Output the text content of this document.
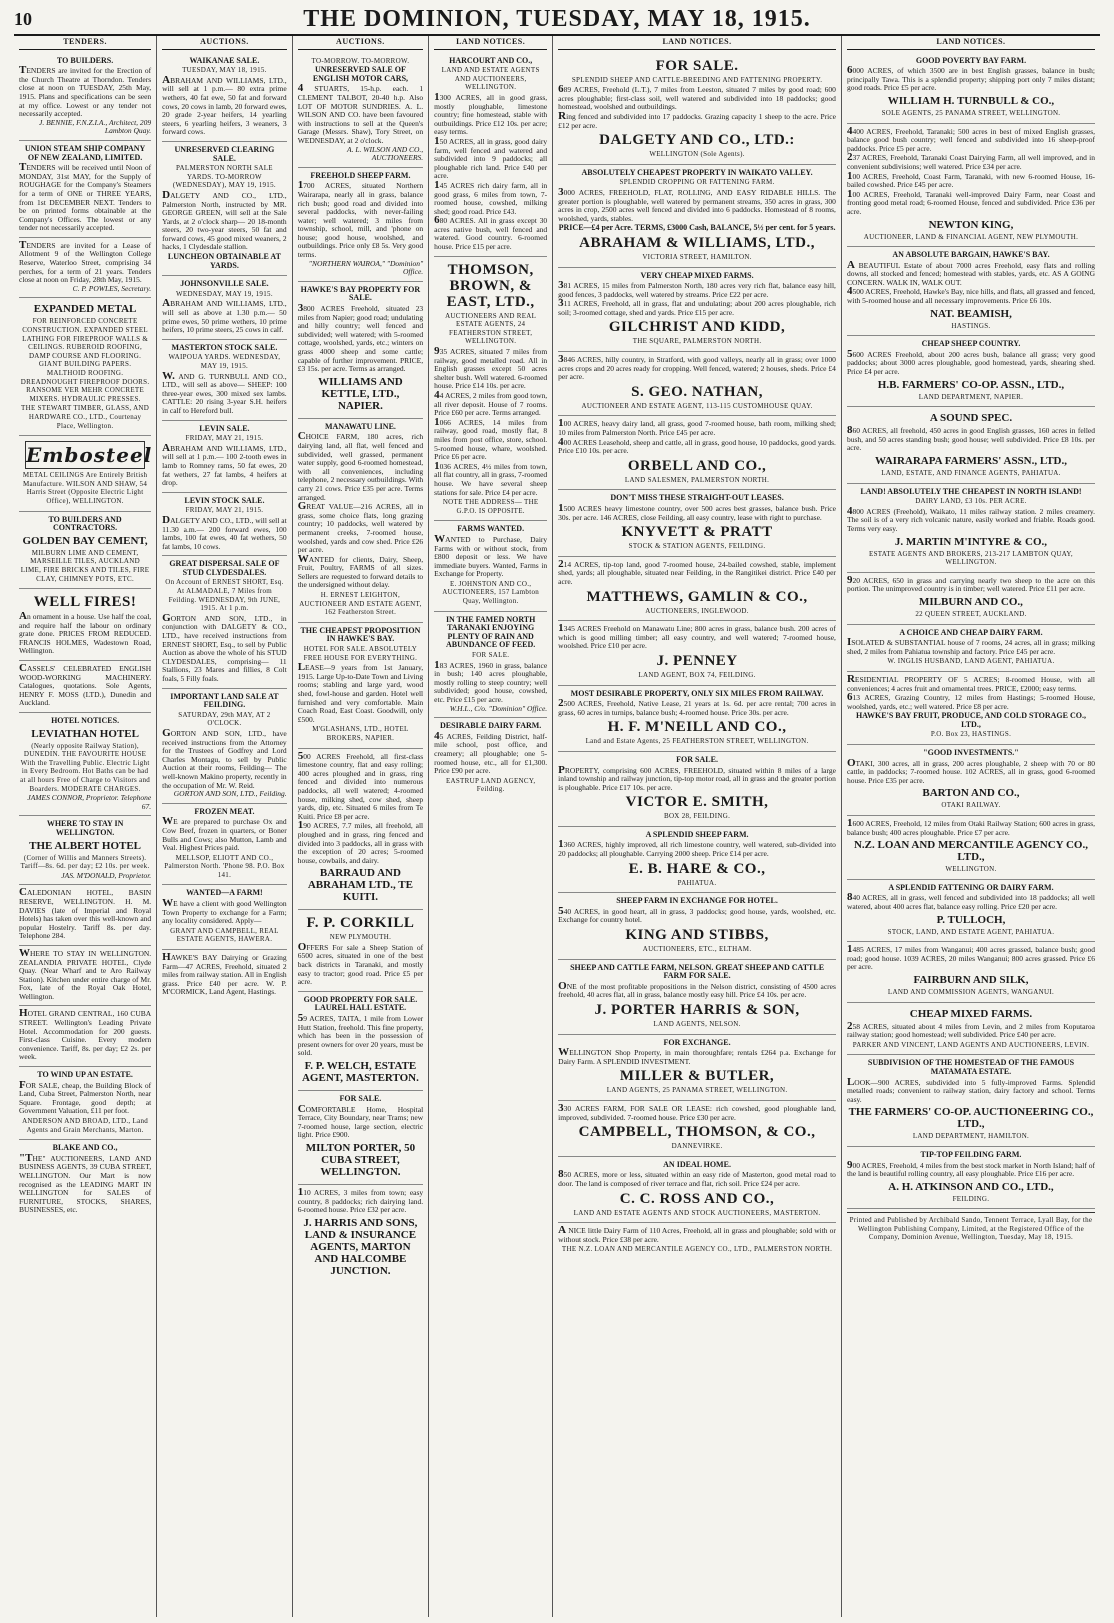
10	THE DOMINION, TUESDAY, MAY 18, 1915.
TENDERS.
TO BUILDERS.
TENDERS are invited for the Erection of the Church Theatre at Thorndon. Tenders close at noon on TUESDAY, 25th May, 1915. Plans and specifications can be seen at my office. Lowest or any tender not necessarily accepted.
J. BENNIE, F.N.Z.I.A., Architect, 209 Lambton Quay.
UNION STEAM SHIP COMPANY OF NEW ZEALAND, LIMITED.
TENDERS will be received until Noon of MONDAY, 31st MAY, for the Supply of ROUGHAGE for the Company's Steamers for a term of ONE or THREE YEARS, from 1st DECEMBER NEXT. Tenders to be on printed forms obtainable at the Company's Offices. The lowest or any tender not necessarily accepted.
TENDERS are invited for a Lease of Allotment 9 of the Wellington College Reserve, Waterloo Street, comprising 34 perches, for a term of 21 years. Tenders close at noon on Friday, 28th May, 1915.
C. P. POWLES, Secretary.
EXPANDED METAL
FOR REINFORCED CONCRETE CONSTRUCTION. EXPANDED STEEL LATHING FOR FIREPROOF WALLS & CEILINGS. RUBEROID ROOFING, DAMP COURSE AND FLOORING. GIANT BUILDING PAPERS. MALTHOID ROOFING. DREADNOUGHT FIREPROOF DOORS. RANSOME VER MEHR CONCRETE MIXERS. HYDRAULIC PRESSES.
THE STEWART TIMBER, GLASS, AND HARDWARE CO., LTD., Courtenay Place, Wellington.
Embosteel
METAL CEILINGS Are Entirely British Manufacture. WILSON AND SHAW, 54 Harris Street (Opposite Electric Light Office), WELLINGTON.
TO BUILDERS AND CONTRACTORS.
GOLDEN BAY CEMENT,
MILBURN LIME AND CEMENT, MARSEILLE TILES, AUCKLAND LIME, FIRE BRICKS AND TILES, FIRE CLAY, CHIMNEY POTS, ETC.
WELL FIRES!
An ornament in a house. Use half the coal, and require half the labour on ordinary grate done. PRICES FROM REDUCED. FRANCIS HOLMES, Wadestown Road, Wellington.
CASSELS' CELEBRATED ENGLISH WOOD-WORKING MACHINERY. Catalogues, quotations. Sole Agents, HENRY F. MOSS (LTD.), Dunedin and Auckland.
HOTEL NOTICES.
LEVIATHAN HOTEL
(Nearly opposite Railway Station), DUNEDIN. THE FAVOURITE HOUSE With the Travelling Public. Electric Light in Every Bedroom. Hot Baths can be had at all hours Free of Charge to Visitors and Boarders. MODERATE CHARGES.
JAMES CONNOR, Proprietor. Telephone 67.
WHERE TO STAY IN WELLINGTON.
THE ALBERT HOTEL
(Corner of Willis and Manners Streets). Tariff—8s. 6d. per day; £2 10s. per week.
JAS. M'DONALD, Proprietor.
CALEDONIAN HOTEL, BASIN RESERVE, WELLINGTON. H. M. DAVIES (late of Imperial and Royal Hotels) has taken over this well-known and popular Hostelry. Tariff 8s. per day. Telephone 284.
WHERE TO STAY IN WELLINGTON. ZEALANDIA PRIVATE HOTEL, Clyde Quay. (Near Wharf and te Aro Railway Station). Kitchen under entire charge of Mr. Fox, late of the Royal Oak Hotel, Wellington.
HOTEL GRAND CENTRAL, 160 CUBA STREET. Wellington's Leading Private Hotel. Accommodation for 200 guests. First-class Cuisine. Every modern convenience. Tariff, 8s. per day; £2 2s. per week.
TO WIND UP AN ESTATE.
FOR SALE, cheap, the Building Block of Land, Cuba Street, Palmerston North, near Square. Frontage, good depth; at Government Valuation, £11 per foot.
ANDERSON AND BROAD, LTD., Land Agents and Grain Merchants, Marton.
BLAKE AND CO.,
"THE" AUCTIONEERS, LAND AND BUSINESS AGENTS, 39 CUBA STREET, WELLINGTON. Our Mart is now recognised as the LEADING MART IN WELLINGTON for SALES of FURNITURE, STOCKS, SHARES, BUSINESSES, etc.
AUCTIONS.
WAIKANAE SALE.
TUESDAY, MAY 18, 1915.
ABRAHAM AND WILLIAMS, LTD., will sell at 1 p.m.— 80 extra prime wethers, 40 fat ewe, 50 fat and forward cows, 20 cows in lamb, 20 forward ewes, 20 grade 2-year heifers, 14 yearling steers, 6 yearling heifers, 3 weaners, 3 forward cows.
UNRESERVED CLEARING SALE.
PALMERSTON NORTH SALE YARDS. TO-MORROW (WEDNESDAY), MAY 19, 1915.
DALGETY AND CO., LTD., Palmerston North, instructed by MR. GEORGE GREEN, will sell at the Sale Yards, at 2 o'clock sharp— 20 18-month steers, 20 two-year steers, 50 fat and forward cows, 45 good mixed weaners, 2 hacks, 1 Clydesdale stallion.
LUNCHEON OBTAINABLE AT YARDS.
JOHNSONVILLE SALE.
WEDNESDAY, MAY 19, 1915.
ABRAHAM AND WILLIAMS, LTD., will sell as above at 1.30 p.m.— 50 prime ewes, 50 prime wethers, 10 prime heifers, 10 prime steers, 25 cows in calf.
MASTERTON STOCK SALE.
WAIPOUA YARDS. WEDNESDAY, MAY 19, 1915.
W. AND G. TURNBULL AND CO., LTD., will sell as above— SHEEP: 100 three-year ewes, 300 mixed sex lambs. CATTLE: 20 rising 3-year S.H. heifers in calf to Hereford bull.
LEVIN SALE.
FRIDAY, MAY 21, 1915.
ABRAHAM AND WILLIAMS, LTD., will sell at 1 p.m.— 100 2-tooth ewes in lamb to Romney rams, 50 fat ewes, 20 fat wethers, 27 fat lambs, 4 heifers at drop.
LEVIN STOCK SALE.
FRIDAY, MAY 21, 1915.
DALGETY AND CO., LTD., will sell at 11.30 a.m.— 200 forward ewes, 100 lambs, 100 fat ewes, 40 fat wethers, 50 fat lambs, 10 cows.
GREAT DISPERSAL SALE OF STUD CLYDESDALES.
On Account of ERNEST SHORT, Esq. At ALMADALE, 7 Miles from Feilding. WEDNESDAY, 9th JUNE, 1915. At 1 p.m.
GORTON AND SON, LTD., in conjunction with DALGETY & CO., LTD., have received instructions from ERNEST SHORT, Esq., to sell by Public Auction as above the whole of his STUD CLYDESDALES, comprising— 11 Stallions, 23 Mares and fillies, 8 Colt foals, 5 Filly foals.
IMPORTANT LAND SALE AT FEILDING.
SATURDAY, 29th MAY, AT 2 O'CLOCK.
GORTON AND SON, LTD., have received instructions from the Attorney for the Trustees of Godfrey and Lord Charles Montagu, to sell by Public Auction at their rooms, Feilding— The well-known Makino property, recently in the occupation of Mr. W. Reid.
GORTON AND SON, LTD., Feilding.
FROZEN MEAT.
WE are prepared to purchase Ox and Cow Beef, frozen in quarters, or Boner Bulls and Cows; also Mutton, Lamb and Veal. Highest Prices paid.
MELLSOP, ELIOTT AND CO., Palmerston North. 'Phone 98. P.O. Box 141.
WANTED—A FARM!
WE have a client with good Wellington Town Property to exchange for a Farm; any locality considered. Apply—
GRANT AND CAMPBELL, REAL ESTATE AGENTS, HAWERA.
HAWKE'S BAY Dairying or Grazing Farm—47 ACRES, Freehold, situated 2 miles from railway station. All in English grass. Price £40 per acre. W. P. M'CORMICK, Land Agent, Hastings.
AUCTIONS.
TO-MORROW. TO-MORROW.
UNRESERVED SALE OF ENGLISH MOTOR CARS,
4 STUARTS, 15-h.p. each. 1 CLEMENT TALBOT, 20-40 h.p. Also LOT OF MOTOR SUNDRIES. A. L. WILSON AND CO. have been favoured with instructions to sell at the Queen's Garage (Messrs. Shaw), Tory Street, on WEDNESDAY, at 2 o'clock.
A. L. WILSON AND CO., AUCTIONEERS.
FREEHOLD SHEEP FARM.
1700 ACRES, situated Northern Wairarapa, nearly all in grass, balance rich bush; good road and divided into several paddocks, with never-failing water; well watered; 3 miles from township, school, mill, and 'phone on house; good house, woolshed, and outbuildings. Price only £8 5s. Very good terms.
"NORTHERN WAIROA," "Dominion" Office.
HAWKE'S BAY PROPERTY FOR SALE.
3800 ACRES Freehold, situated 23 miles from Napier; good road; undulating and hilly country; well fenced and subdivided; well watered; with 5-roomed cottage, woolshed, yards, etc.; winters on grass 4000 sheep and some cattle; capable of further improvement. PRICE, £3 15s. per acre. Terms as arranged.
WILLIAMS AND KETTLE, LTD., NAPIER.
MANAWATU LINE.
CHOICE FARM, 180 acres, rich dairying land, all flat, well fenced and subdivided, well grassed, permanent water supply, good 6-roomed homestead, with all conveniences, including telephone, 2 necessary outbuildings. With carry 21 cows. Price £35 per acre. Terms arranged.
GREAT VALUE—216 ACRES, all in grass, some choice flats, long grazing country; 10 paddocks, well watered by permanent creeks, 7-roomed house, woolshed, yards and cow shed. Price £26 per acre.
WANTED for clients, Dairy, Sheep, Fruit, Poultry, FARMS of all sizes. Sellers are requested to forward details to the undersigned without delay.
H. ERNEST LEIGHTON, AUCTIONEER AND ESTATE AGENT, 162 Featherston Street.
THE CHEAPEST PROPOSITION IN HAWKE'S BAY.
HOTEL FOR SALE. ABSOLUTELY FREE HOUSE FOR EVERYTHING.
LEASE—9 years from 1st January, 1915. Large Up-to-Date Town and Living rooms; stabling and large yard, wood shed, fowl-house and garden. Hotel well furnished and very comfortable. Main Coach Road, East Coast. Goodwill, only £500.
M'GLASHANS, LTD., HOTEL BROKERS, NAPIER.
500 ACRES Freehold, all first-class limestone country, flat and easy rolling; 400 acres ploughed and in grass, ring fenced and divided into numerous paddocks, all well watered; 4-roomed house, milking shed, cow shed, sheep yards, dip, etc. Situated 6 miles from Te Kuiti. Price £8 per acre.
190 ACRES, 7.7 miles, all freehold, all ploughed and in grass, ring fenced and divided into 3 paddocks, all in grass with the exception of 20 acres; 5-roomed house, cowbails, and dairy.
BARRAUD AND ABRAHAM LTD., TE KUITI.
F. P. CORKILL
NEW PLYMOUTH.
OFFERS For sale a Sheep Station of 6500 acres, situated in one of the best back districts in Taranaki, and mostly easy to tractor; good road. Price £5 per acre.
GOOD PROPERTY FOR SALE. LAUREL HALL ESTATE.
59 ACRES, TAITA, 1 mile from Lower Hutt Station, freehold. This fine property, which has been in the possession of present owners for over 20 years, must be sold.
F. P. WELCH, ESTATE AGENT, MASTERTON.
FOR SALE.
COMFORTABLE Home, Hospital Terrace, City Boundary, near Trams; new 7-roomed house, large section, electric light. Price £900.
MILTON PORTER, 50 CUBA STREET, WELLINGTON.
110 ACRES, 3 miles from town; easy country, 8 paddocks; rich dairying land. 6-roomed house. Price £32 per acre.
J. HARRIS AND SONS, LAND & INSURANCE AGENTS, MARTON AND HALCOMBE JUNCTION.
LAND NOTICES.
HARCOURT AND CO.,
LAND AND ESTATE AGENTS AND AUCTIONEERS, WELLINGTON.
1300 ACRES, all in good grass, mostly ploughable, limestone country; fine homestead, stable with outbuildings. Price £12 10s. per acre; easy terms.
150 ACRES, all in grass, good dairy farm, well fenced and watered and subdivided into 9 paddocks; all ploughable rich land. Price £40 per acre.
145 ACRES rich dairy farm, all in good grass, 6 miles from town, 7-roomed house, cowshed, milking shed; good road. Price £43.
680 ACRES. All in grass except 30 acres native bush, well fenced and watered. Good country. 6-roomed house. Price £15 per acre.
THOMSON, BROWN, & EAST, LTD.,
AUCTIONEERS AND REAL ESTATE AGENTS, 24 FEATHERSTON STREET, WELLINGTON.
935 ACRES, situated 7 miles from railway, good metalled road. All in English grasses except 50 acres shelter bush. Well watered. 6-roomed house. Price £14 10s. per acre.
44 ACRES, 2 miles from good town, all river deposit. House of 7 rooms. Price £60 per acre. Terms arranged.
1066 ACRES, 14 miles from railway, good road, mostly flat, 8 miles from post office, store, school. 5-roomed house, whare, woolshed. Price £6 per acre.
1036 ACRES, 4½ miles from town, all flat country, all in grass, 7-roomed house. We have several sheep stations for sale. Price £4 per acre.
NOTE THE ADDRESS— THE G.P.O. IS OPPOSITE.
FARMS WANTED.
WANTED to Purchase, Dairy Farms with or without stock, from £800 deposit or less. We have immediate buyers. Wanted, Farms in Exchange for Property.
E. JOHNSTON AND CO., AUCTIONEERS, 157 Lambton Quay, Wellington.
IN THE FAMED NORTH TARANAKI ENJOYING PLENTY OF RAIN AND ABUNDANCE OF FEED.
FOR SALE.
183 ACRES, 1960 in grass, balance in bush; 140 acres ploughable, mostly rolling to steep country; well subdivided; good house, cowshed, etc. Price £15 per acre.
W.H.L., C/o. "Dominion" Office.
DESIRABLE DAIRY FARM.
45 ACRES, Feilding District, half-mile school, post office, and creamery; all ploughable; one 5-roomed house, etc., all for £1,300. Price £90 per acre.
EASTRUP LAND AGENCY, Feilding.
LAND NOTICES.
FOR SALE.
SPLENDID SHEEP AND CATTLE-BREEDING AND FATTENING PROPERTY.
689 ACRES, Freehold (L.T.), 7 miles from Leeston, situated 7 miles by good road; 600 acres ploughable; first-class soil, well watered and subdivided into 18 paddocks; good homestead, woolshed and outbuildings.
Ring fenced and subdivided into 17 paddocks. Grazing capacity 1 sheep to the acre. Price £12 per acre.
DALGETY AND CO., LTD.:
WELLINGTON (Sole Agents).
ABSOLUTELY CHEAPEST PROPERTY IN WAIKATO VALLEY.
SPLENDID CROPPING OR FATTENING FARM.
3000 ACRES, FREEHOLD, FLAT, ROLLING, AND EASY RIDABLE HILLS. The greater portion is ploughable, well watered by permanent streams, 350 acres in grass, 300 acres in crop, 2500 acres well fenced and divided into 6 paddocks. Homestead of 8 rooms, woolshed, yards, stables.
PRICE—£4 per Acre. TERMS, £3000 Cash, BALANCE, 5½ per cent. for 5 years.
ABRAHAM & WILLIAMS, LTD.,
VICTORIA STREET, HAMILTON.
VERY CHEAP MIXED FARMS.
381 ACRES, 15 miles from Palmerston North, 180 acres very rich flat, balance easy hill, good fences, 3 paddocks, well watered by streams. Price £22 per acre.
311 ACRES, Freehold, all in grass, flat and undulating; about 200 acres ploughable, rich soil; 3-roomed cottage, shed and yards. Price £15 per acre.
GILCHRIST AND KIDD,
THE SQUARE, PALMERSTON NORTH.
3846 ACRES, hilly country, in Stratford, with good valleys, nearly all in grass; over 1000 acres crops and 20 acres ready for cropping. Well fenced, watered; 2 houses, sheds. Price £4 per acre.
S. GEO. NATHAN,
AUCTIONEER AND ESTATE AGENT, 113-115 CUSTOMHOUSE QUAY.
100 ACRES, heavy dairy land, all grass, good 7-roomed house, bath room, milking shed; 10 miles from Palmerston North. Price £45 per acre.
400 ACRES Leasehold, sheep and cattle, all in grass, good house, 10 paddocks, good yards. Price £10 10s. per acre.
ORBELL AND CO.,
LAND SALESMEN, PALMERSTON NORTH.
DON'T MISS THESE STRAIGHT-OUT LEASES.
1500 ACRES heavy limestone country, over 500 acres best grasses, balance bush. Price 30s. per acre. 146 ACRES, close Feilding, all easy country, lease with right to purchase.
KNYVETT & PRATT
STOCK & STATION AGENTS, FEILDING.
214 ACRES, tip-top land, good 7-roomed house, 24-bailed cowshed, stable, implement shed, yards; all ploughable, situated near Feilding, in the Rangitikei district. Price £40 per acre.
MATTHEWS, GAMLIN & CO.,
AUCTIONEERS, INGLEWOOD.
1345 ACRES Freehold on Manawatu Line; 800 acres in grass, balance bush. 200 acres of which is good milling timber; all easy country, and well watered; 7-roomed house, woolshed. Price £10 per acre.
J. PENNEY
LAND AGENT, BOX 74, FEILDING.
MOST DESIRABLE PROPERTY, ONLY SIX MILES FROM RAILWAY.
2500 ACRES, Freehold, Native Lease, 21 years at 1s. 6d. per acre rental; 700 acres in grass, 60 acres in turnips, balance bush; 4-roomed house. Price 30s. per acre.
H. F. M'NEILL AND CO.,
Land and Estate Agents, 25 FEATHERSTON STREET, WELLINGTON.
FOR SALE.
PROPERTY, comprising 600 ACRES, FREEHOLD, situated within 8 miles of a large inland township and railway junction, tip-top motor road, all in grass and the greater portion is ploughable. Price £17 10s. per acre.
VICTOR E. SMITH,
BOX 28, FEILDING.
A SPLENDID SHEEP FARM.
1360 ACRES, highly improved, all rich limestone country, well watered, sub-divided into 20 paddocks; all ploughable. Carrying 2000 sheep. Price £14 per acre.
E. B. HARE & CO.,
PAHIATUA.
SHEEP FARM IN EXCHANGE FOR HOTEL.
540 ACRES, in good heart, all in grass, 3 paddocks; good house, yards, woolshed, etc. Exchange for country hotel.
KING AND STIBBS,
AUCTIONEERS, ETC., ELTHAM.
SHEEP AND CATTLE FARM, NELSON. GREAT SHEEP AND CATTLE FARM FOR SALE.
ONE of the most profitable propositions in the Nelson district, consisting of 4500 acres freehold, 40 acres flat, all in grass, balance mostly easy hill. Price £4 10s. per acre.
J. PORTER HARRIS & SON,
LAND AGENTS, NELSON.
FOR EXCHANGE.
WELLINGTON Shop Property, in main thoroughfare; rentals £264 p.a. Exchange for Dairy Farm. A SPLENDID INVESTMENT.
MILLER & BUTLER,
LAND AGENTS, 25 PANAMA STREET, WELLINGTON.
330 ACRES FARM, FOR SALE OR LEASE: rich cowshed, good ploughable land, improved, subdivided. 7-roomed house. Price £30 per acre.
CAMPBELL, THOMSON, & CO.,
DANNEVIRKE.
AN IDEAL HOME.
850 ACRES, more or less, situated within an easy ride of Masterton, good metal road to door. The land is composed of river terrace and flat, rich soil. Price £24 per acre.
C. C. ROSS AND CO.,
LAND AND ESTATE AGENTS AND STOCK AUCTIONEERS, MASTERTON.
A NICE little Dairy Farm of 110 Acres, Freehold, all in grass and ploughable; sold with or without stock. Price £38 per acre.
THE N.Z. LOAN AND MERCANTILE AGENCY CO., LTD., PALMERSTON NORTH.
LAND NOTICES.
GOOD POVERTY BAY FARM.
6000 ACRES, of which 3500 are in best English grasses, balance in bush; principally Tawa. This is a splendid property; shipping port only 7 miles distant; good roads. Price £5 per acre.
WILLIAM H. TURNBULL & CO.,
SOLE AGENTS, 25 PANAMA STREET, WELLINGTON.
4400 ACRES, Freehold, Taranaki; 500 acres in best of mixed English grasses, balance good bush country; well fenced and subdivided into 16 sheep-proof paddocks. Price £5 per acre.
237 ACRES, Freehold, Taranaki Coast Dairying Farm, all well improved, and in convenient subdivisions; well watered. Price £34 per acre.
100 ACRES, Freehold, Coast Farm, Taranaki, with new 6-roomed House, 16-bailed cowshed. Price £45 per acre.
100 ACRES, Freehold, Taranaki well-improved Dairy Farm, near Coast and fronting good metal road; 6-roomed House, fenced and subdivided. Price £36 per acre.
NEWTON KING,
AUCTIONEER, LAND & FINANCIAL AGENT, NEW PLYMOUTH.
AN ABSOLUTE BARGAIN, HAWKE'S BAY.
A BEAUTIFUL Estate of about 7000 acres Freehold, easy flats and rolling downs, all stocked and fenced; homestead with stables, yards, etc. AS A GOING CONCERN. WALK IN, WALK OUT.
4500 ACRES, Freehold, Hawke's Bay, nice hills, and flats, all grassed and fenced, with 5-roomed house and all necessary improvements. Price £6 10s.
NAT. BEAMISH,
HASTINGS.
CHEAP SHEEP COUNTRY.
5600 ACRES Freehold, about 200 acres bush, balance all grass; very good paddocks; about 3000 acres ploughable, good homestead, yards, shearing shed. Price £4 per acre.
H.B. FARMERS' CO-OP. ASSN., LTD.,
LAND DEPARTMENT, NAPIER.
A SOUND SPEC.
860 ACRES, all freehold, 450 acres in good English grasses, 160 acres in felled bush, and 50 acres standing bush; good house; well subdivided. Price £8 10s. per acre.
WAIRARAPA FARMERS' ASSN., LTD.,
LAND, ESTATE, AND FINANCE AGENTS, PAHIATUA.
LAND! ABSOLUTELY THE CHEAPEST IN NORTH ISLAND!
DAIRY LAND, £3 10s. PER ACRE.
4800 ACRES (Freehold), Waikato, 11 miles railway station. 2 miles creamery. The soil is of a very rich volcanic nature, easily worked and friable. Roads good. Terms very easy.
J. MARTIN M'INTYRE & CO.,
ESTATE AGENTS AND BROKERS, 213-217 LAMBTON QUAY, WELLINGTON.
920 ACRES, 650 in grass and carrying nearly two sheep to the acre on this portion. The unimproved country is in timber; well watered. Price £11 per acre.
MILBURN AND CO.,
22 QUEEN STREET, AUCKLAND.
A CHOICE AND CHEAP DAIRY FARM.
ISOLATED & SUBSTANTIAL house of 7 rooms, 24 acres, all in grass; milking shed, 2 miles from Pahiatua township and factory. Price £45 per acre.
W. INGLIS HUSBAND, LAND AGENT, PAHIATUA.
RESIDENTIAL PROPERTY OF 5 ACRES; 8-roomed House, with all conveniences; 4 acres fruit and ornamental trees. PRICE, £2000; easy terms.
613 ACRES, Grazing Country, 12 miles from Hastings; 5-roomed House, woolshed, yards, etc.; well watered. Price £8 per acre.
HAWKE'S BAY FRUIT, PRODUCE, AND COLD STORAGE CO., LTD.,
P.O. Box 23, HASTINGS.
"GOOD INVESTMENTS."
OTAKI, 300 acres, all in grass, 200 acres ploughable, 2 sheep with 70 or 80 cattle, in paddocks; 7-roomed house. 102 ACRES, all in grass, good 6-roomed house. Price £35 per acre.
BARTON AND CO.,
OTAKI RAILWAY.
1600 ACRES, Freehold, 12 miles from Otaki Railway Station; 600 acres in grass, balance bush; 400 acres ploughable. Price £7 per acre.
N.Z. LOAN AND MERCANTILE AGENCY CO., LTD.,
WELLINGTON.
A SPLENDID FATTENING OR DAIRY FARM.
840 ACRES, all in grass, well fenced and subdivided into 18 paddocks; all well watered, about 400 acres flat, balance easy rolling. Price £20 per acre.
P. TULLOCH,
STOCK, LAND, AND ESTATE AGENT, PAHIATUA.
1485 ACRES, 17 miles from Wanganui; 400 acres grassed, balance bush; good road; good house. 1039 ACRES, 20 miles Wanganui; 800 acres grassed. Price £6 per acre.
FAIRBURN AND SILK,
LAND AND COMMISSION AGENTS, WANGANUI.
CHEAP MIXED FARMS.
258 ACRES, situated about 4 miles from Levin, and 2 miles from Koputaroa railway station; good homestead; well subdivided. Price £40 per acre.
PARKER AND VINCENT, LAND AGENTS AND AUCTIONEERS, LEVIN.
SUBDIVISION OF THE HOMESTEAD OF THE FAMOUS MATAMATA ESTATE.
LOOK—900 ACRES, subdivided into 5 fully-improved Farms. Splendid metalled roads; convenient to railway station, dairy factory and school. Terms easy.
THE FARMERS' CO-OP. AUCTIONEERING CO., LTD.,
LAND DEPARTMENT, HAMILTON.
TIP-TOP FEILDING FARM.
900 ACRES, Freehold, 4 miles from the best stock market in North Island; half of the land is beautiful rolling country, all easy ploughable. Price £16 per acre.
A. H. ATKINSON AND CO., LTD.,
FEILDING.
Printed and Published by Archibald Sando, Tennent Terrace, Lyall Bay, for the Wellington Publishing Company, Limited, at the Registered Office of the Company, Dominion Avenue, Wellington, Tuesday, May 18, 1915.
